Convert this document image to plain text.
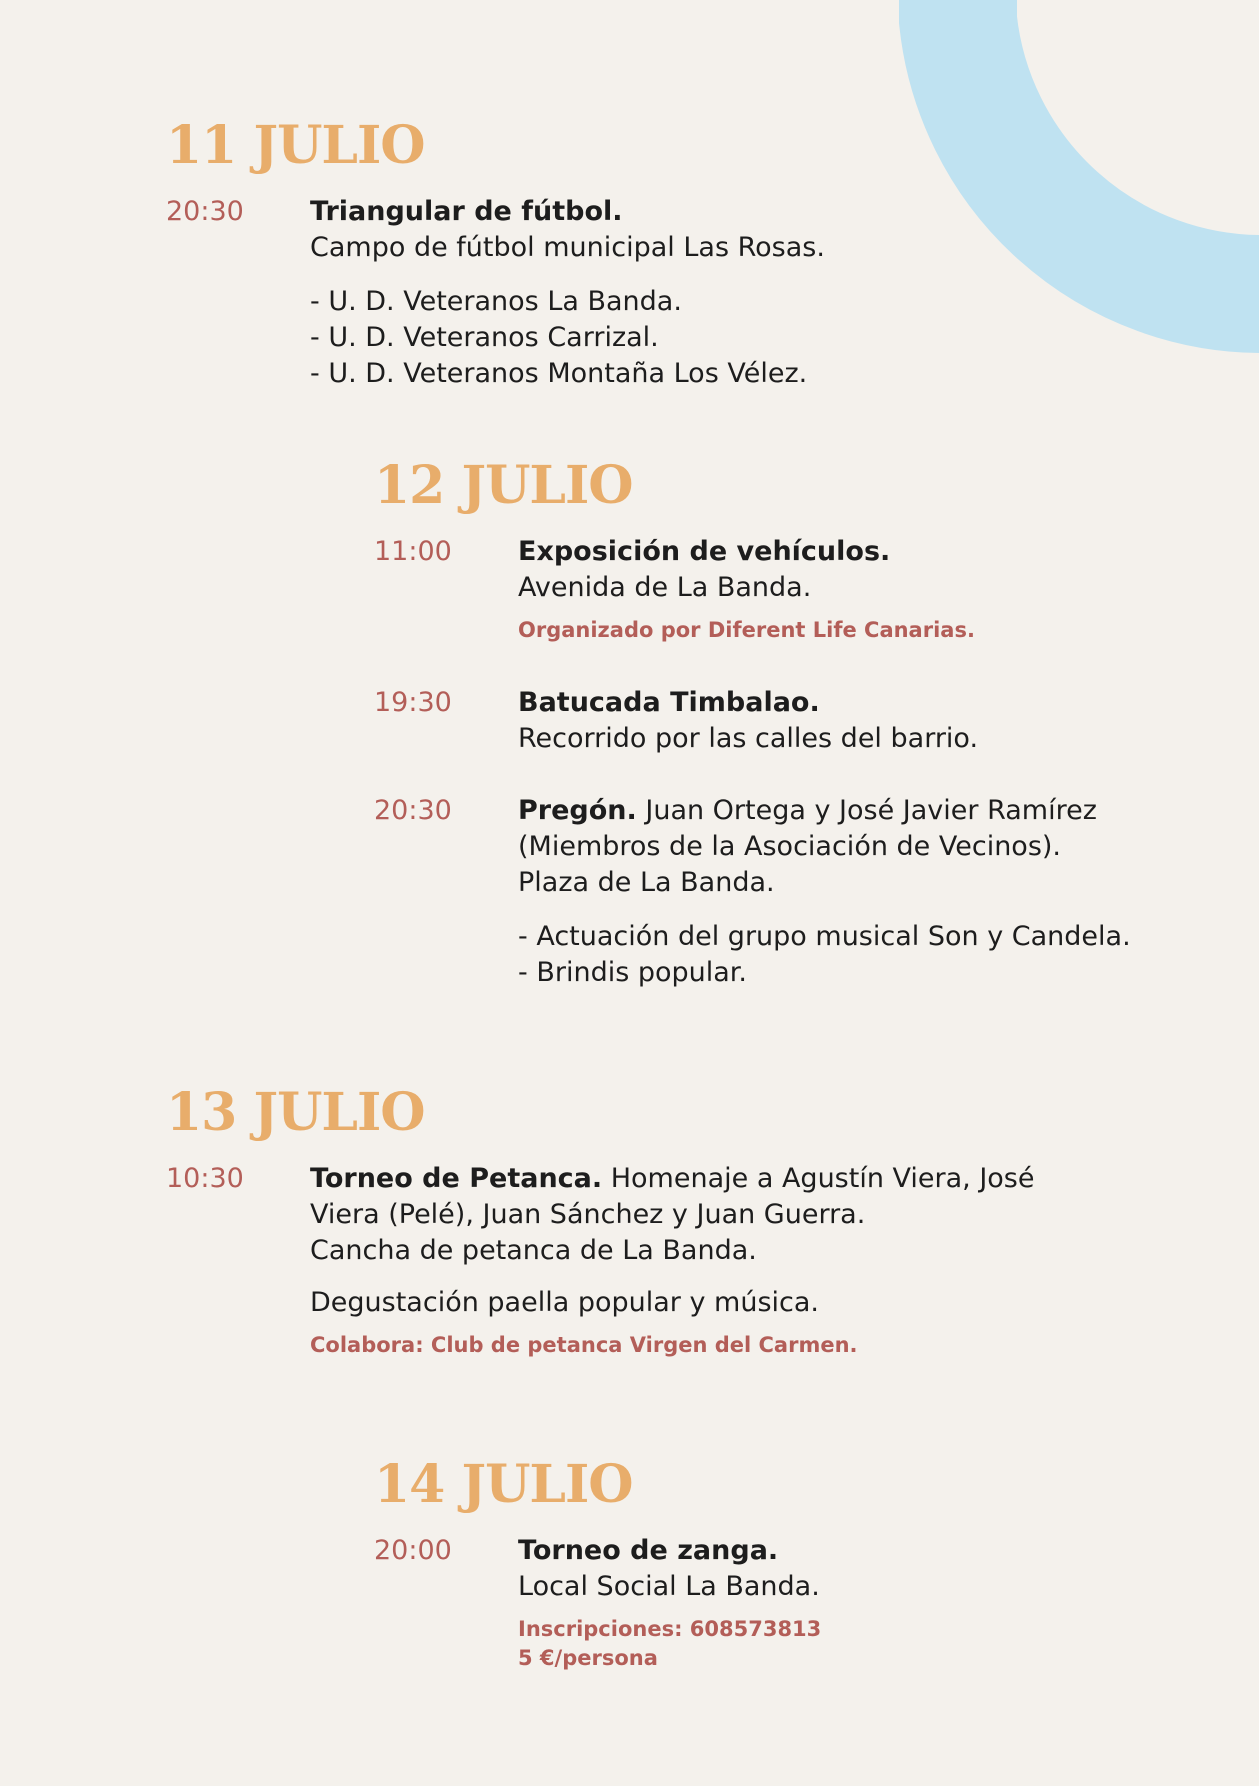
11 JULIO
20:30	Triangular de fútbol.
Campo de fútbol municipal Las Rosas.
- U. D. Veteranos La Banda.
- U. D. Veteranos Carrizal.
- U. D. Veteranos Montaña Los Vélez.
12 JULIO
11:00	Exposición de vehículos.
Avenida de La Banda.
Organizado por Diferent Life Canarias.
19:30	Batucada Timbalao.
Recorrido por las calles del barrio.
20:30	Pregón. Juan Ortega y José Javier Ramírez
(Miembros de la Asociación de Vecinos).
Plaza de La Banda.
- Actuación del grupo musical Son y Candela.
- Brindis popular.
13 JULIO
10:30	Torneo de Petanca. Homenaje a Agustín Viera, José
Viera (Pelé), Juan Sánchez y Juan Guerra.
Cancha de petanca de La Banda.
Degustación paella popular y música.
Colabora: Club de petanca Virgen del Carmen.
14 JULIO
20:00	Torneo de zanga.
Local Social La Banda.
Inscripciones: 608573813
5 €/persona
